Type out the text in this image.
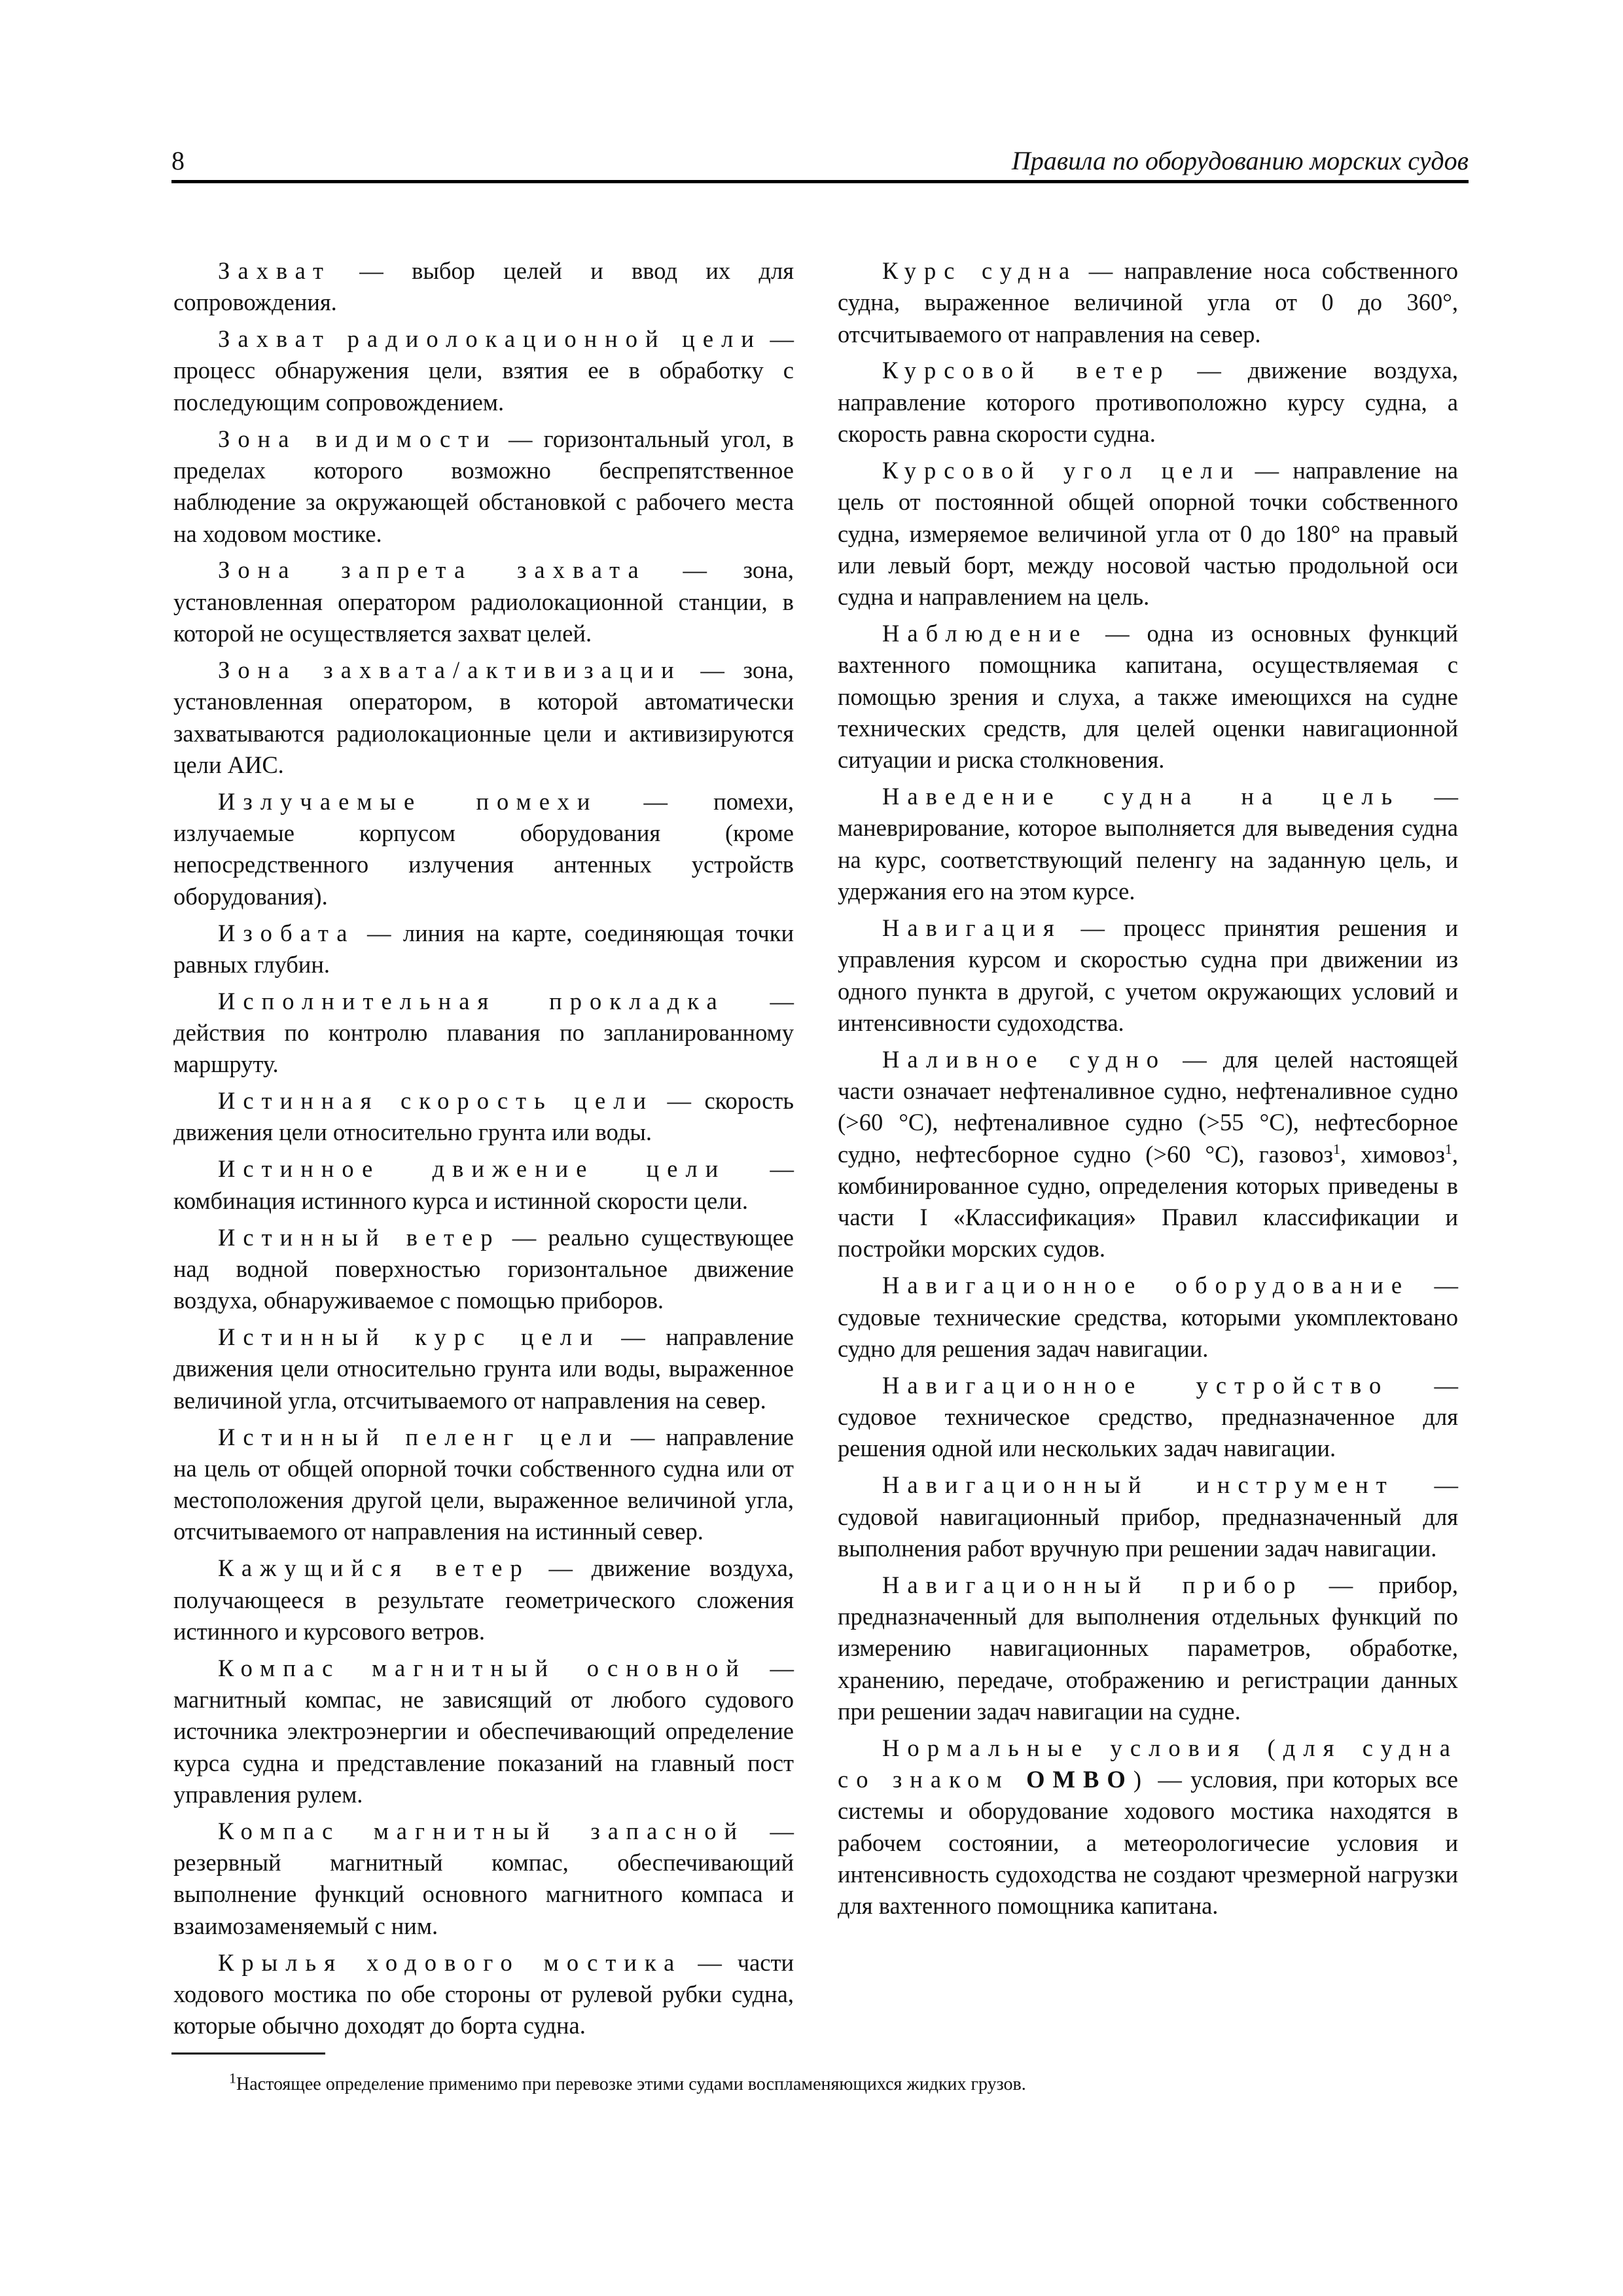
8	Правила по оборудованию морских судов

Захват — выбор целей и ввод их для сопровождения.

Захват радиолокационной цели — процесс обнаружения цели, взятия ее в обработку с последующим сопровождением.

Зона видимости — горизонтальный угол, в пределах которого возможно беспрепятственное наблюдение за окружающей обстановкой с рабочего места на ходовом мостике.

Зона запрета захвата — зона, установленная оператором радиолокационной станции, в которой не осуществляется захват целей.

Зона захвата/активизации — зона, установленная оператором, в которой автоматически захватываются радиолокационные цели и активизируются цели АИС.

Излучаемые помехи — помехи, излучаемые корпусом оборудования (кроме непосредственного излучения антенных устройств оборудования).

Изобата — линия на карте, соединяющая точки равных глубин.

Исполнительная прокладка — действия по контролю плавания по запланированному маршруту.

Истинная скорость цели — скорость движения цели относительно грунта или воды.

Истинное движение цели — комбинация истинного курса и истинной скорости цели.

Истинный ветер — реально существующее над водной поверхностью горизонтальное движение воздуха, обнаруживаемое с помощью приборов.

Истинный курс цели — направление движения цели относительно грунта или воды, выраженное величиной угла, отсчитываемого от направления на север.

Истинный пеленг цели — направление на цель от общей опорной точки собственного судна или от местоположения другой цели, выраженное величиной угла, отсчитываемого от направления на истинный север.

Кажущийся ветер — движение воздуха, получающееся в результате геометрического сложения истинного и курсового ветров.

Компас магнитный основной — магнитный компас, не зависящий от любого судового источника электроэнергии и обеспечивающий определение курса судна и представление показаний на главный пост управления рулем.

Компас магнитный запасной — резервный магнитный компас, обеспечивающий выполнение функций основного магнитного компаса и взаимозаменяемый с ним.

Крылья ходового мостика — части ходового мостика по обе стороны от рулевой рубки судна, которые обычно доходят до борта судна.

Курс судна — направление носа собственного судна, выраженное величиной угла от 0 до 360°, отсчитываемого от направления на север.

Курсовой ветер — движение воздуха, направление которого противоположно курсу судна, а скорость равна скорости судна.

Курсовой угол цели — направление на цель от постоянной общей опорной точки собственного судна, измеряемое величиной угла от 0 до 180° на правый или левый борт, между носовой частью продольной оси судна и направлением на цель.

Наблюдение — одна из основных функций вахтенного помощника капитана, осуществляемая с помощью зрения и слуха, а также имеющихся на судне технических средств, для целей оценки навигационной ситуации и риска столкновения.

Наведение судна на цель — маневрирование, которое выполняется для выведения судна на курс, соответствующий пеленгу на заданную цель, и удержания его на этом курсе.

Навигация — процесс принятия решения и управления курсом и скоростью судна при движении из одного пункта в другой, с учетом окружающих условий и интенсивности судоходства.

Наливное судно — для целей настоящей части означает нефтеналивное судно, нефтеналивное судно (>60 °С), нефтеналивное судно (>55 °С), нефтесборное судно, нефтесборное судно (>60 °С), газовоз$^1$, химовоз$^1$, комбинированное судно, определения которых приведены в части I «Классификация» Правил классификации и постройки морских судов.

Навигационное оборудование — судовые технические средства, которыми укомплектовано судно для решения задач навигации.

Навигационное устройство — судовое техническое средство, предназначенное для решения одной или нескольких задач навигации.

Навигационный инструмент — судовой навигационный прибор, предназначенный для выполнения работ вручную при решении задач навигации.

Навигационный прибор — прибор, предназначенный для выполнения отдельных функций по измерению навигационных параметров, обработке, хранению, передаче, отображению и регистрации данных при решении задач навигации на судне.

Нормальные условия (для судна со знаком OMBO) — условия, при которых все системы и оборудование ходового мостика находятся в рабочем состоянии, а метеорологичесие условия и интенсивность судоходства не создают чрезмерной нагрузки для вахтенного помощника капитана.

$^1$Настоящее определение применимо при перевозке этими судами воспламеняющихся жидких грузов.
